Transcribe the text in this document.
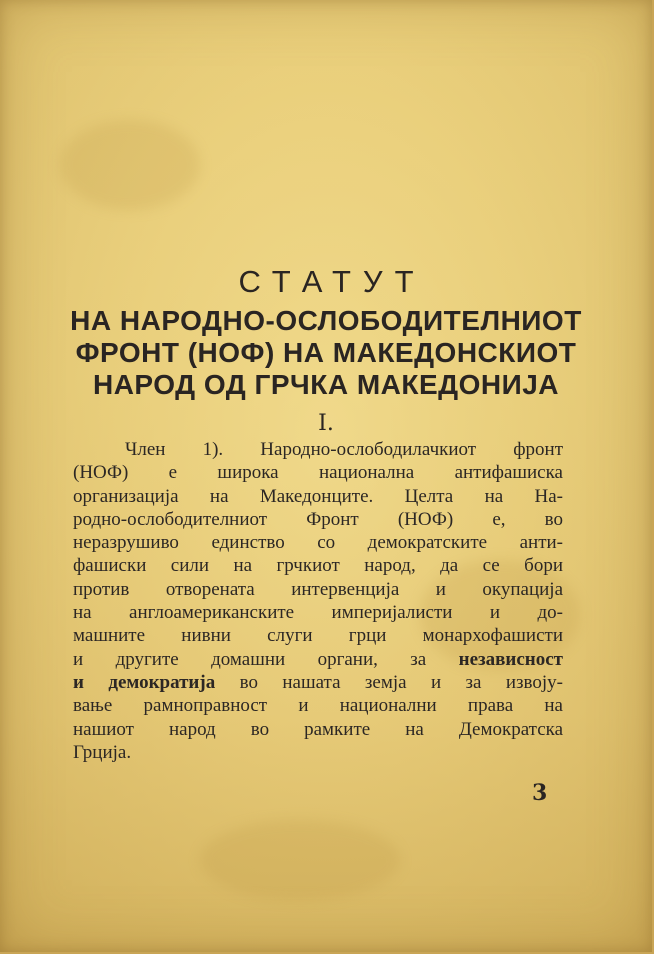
СТАТУТ
НА НАРОДНО-ОСЛОБОДИТЕЛНИОТ
ФРОНТ (НОФ) НА МАКЕДОНСКИОТ
НАРОД ОД ГРЧКА МАКЕДОНИЈА
I.
Член 1). Народно-ослободилачкиот фронт
(НОФ) е широка национална антифашиска
организација на Македонците. Целта на На-
родно-ослободителниот Фронт (НОФ) е, во
неразрушиво единство со демократските анти-
фашиски сили на грчкиот народ, да се бори
против отворената интервенција и окупација
на англоамериканските империјалисти и до-
машните нивни слуги грци монархофашисти
и другите домашни органи, за независност
и демократија во нашата земја и за извоју-
вање рамноправност и национални права на
нашиот народ во рамките на Демократска
Грција.
3
